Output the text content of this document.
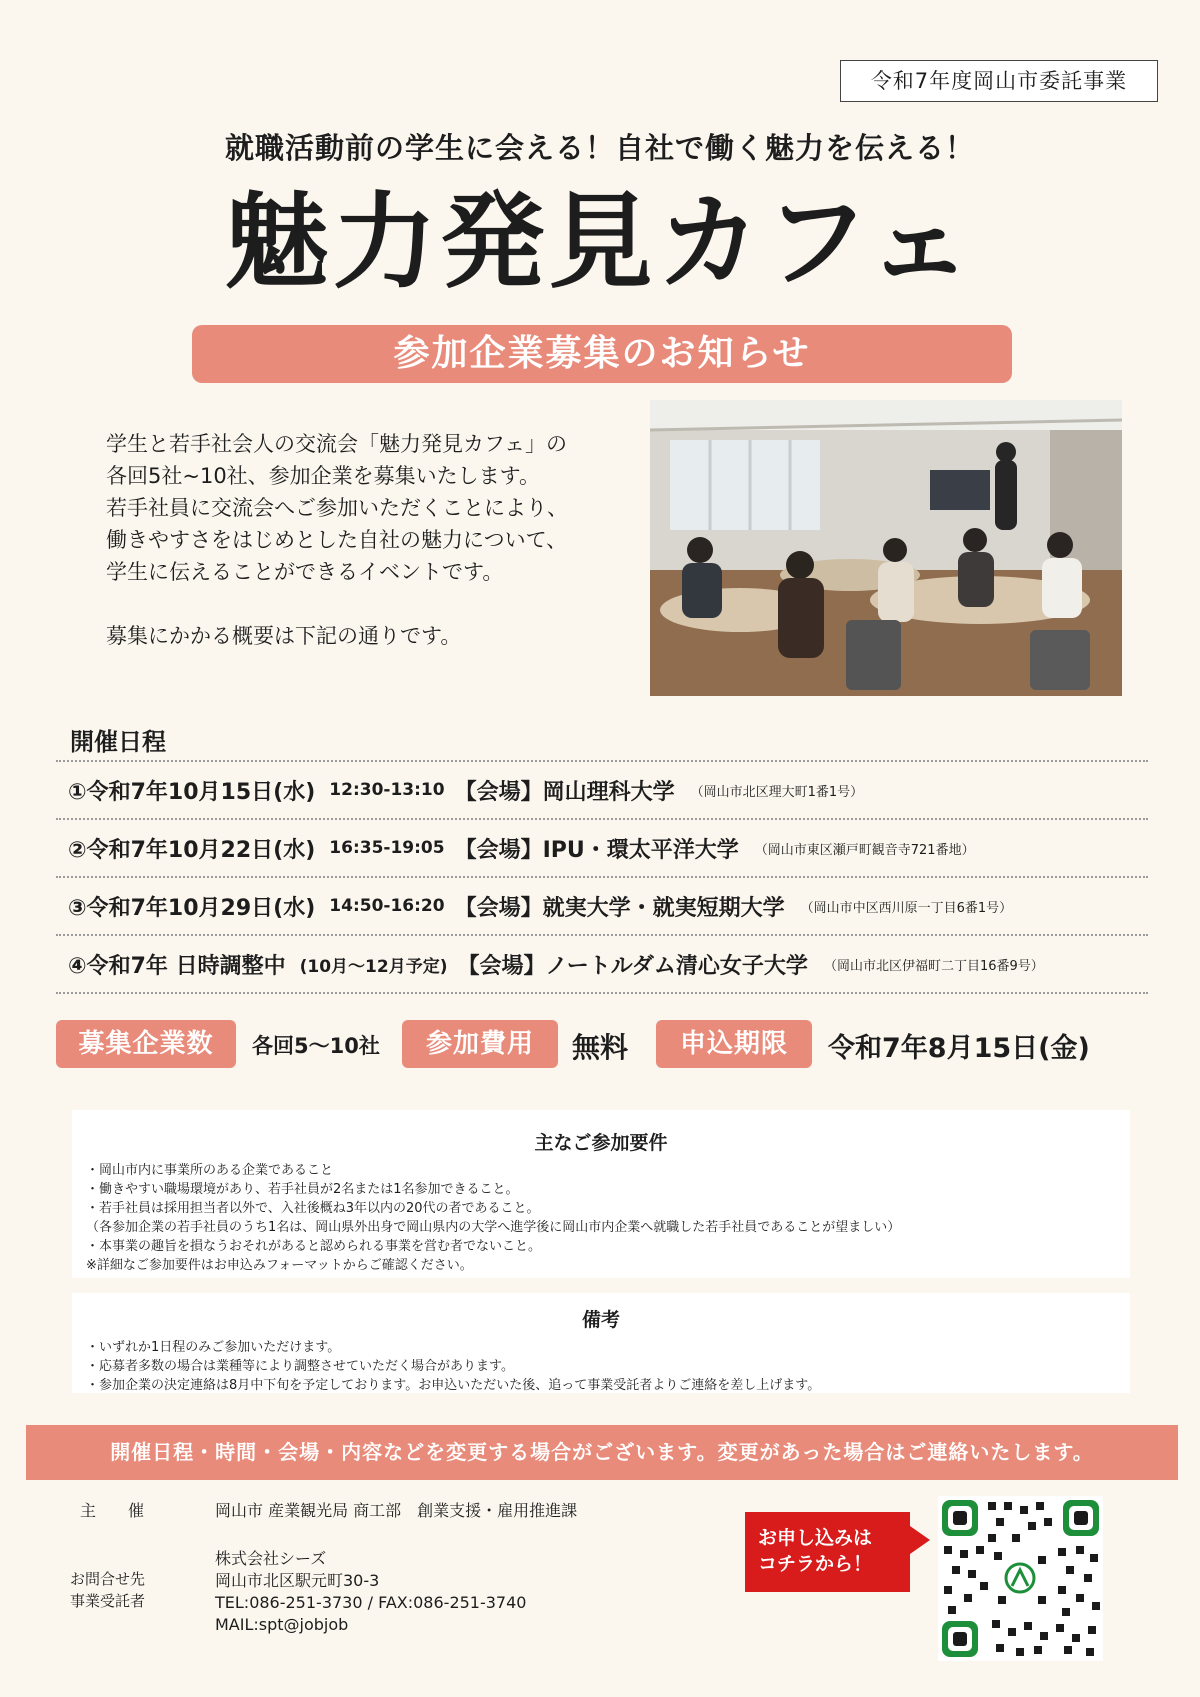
令和7年度岡山市委託事業
就職活動前の学生に会える！自社で働く魅力を伝える！
魅力発見カフェ
参加企業募集のお知らせ

学生と若手社会人の交流会「魅力発見カフェ」の

各回5社~10社、参加企業を募集いたします。

若手社員に交流会へご参加いただくことにより、

働きやすさをはじめとした自社の魅力について、

学生に伝えることができるイベントです。

募集にかかる概要は下記の通りです。

開催日程
①令和7年10月15日(水) 12:30-13:10 【会場】岡山理科大学 （岡山市北区理大町1番1号）
②令和7年10月22日(水) 16:35-19:05 【会場】IPU・環太平洋大学 （岡山市東区瀬戸町観音寺721番地）
③令和7年10月29日(水) 14:50-16:20 【会場】就実大学・就実短期大学 （岡山市中区西川原一丁目6番1号）
④令和7年 日時調整中 (10月～12月予定) 【会場】ノートルダム清心女子大学 （岡山市北区伊福町二丁目16番9号）
募集企業数	各回5～10社	参加費用	無料	申込期限	令和7年8月15日(金)
主なご参加要件
・岡山市内に事業所のある企業であること
・働きやすい職場環境があり、若手社員が2名または1名参加できること。
・若手社員は採用担当者以外で、入社後概ね3年以内の20代の者であること。
（各参加企業の若手社員のうち1名は、岡山県外出身で岡山県内の大学へ進学後に岡山市内企業へ就職した若手社員であることが望ましい）
・本事業の趣旨を損なうおそれがあると認められる事業を営む者でないこと。
※詳細なご参加要件はお申込みフォーマットからご確認ください。
備考
・いずれか1日程のみご参加いただけます。
・応募者多数の場合は業種等により調整させていただく場合があります。
・参加企業の決定連絡は8月中下旬を予定しております。お申込いただいた後、追って事業受託者よりご連絡を差し上げます。
開催日程・時間・会場・内容などを変更する場合がございます。変更があった場合はご連絡いたします。
主　　催	岡山市 産業観光局 商工部　創業支援・雇用推進課
お問合せ先
事業受託者
株式会社シーズ
岡山市北区駅元町30-3
TEL:086-251-3730 / FAX:086-251-3740
MAIL:spt@jobjob
お申し込みは
コチラから！
